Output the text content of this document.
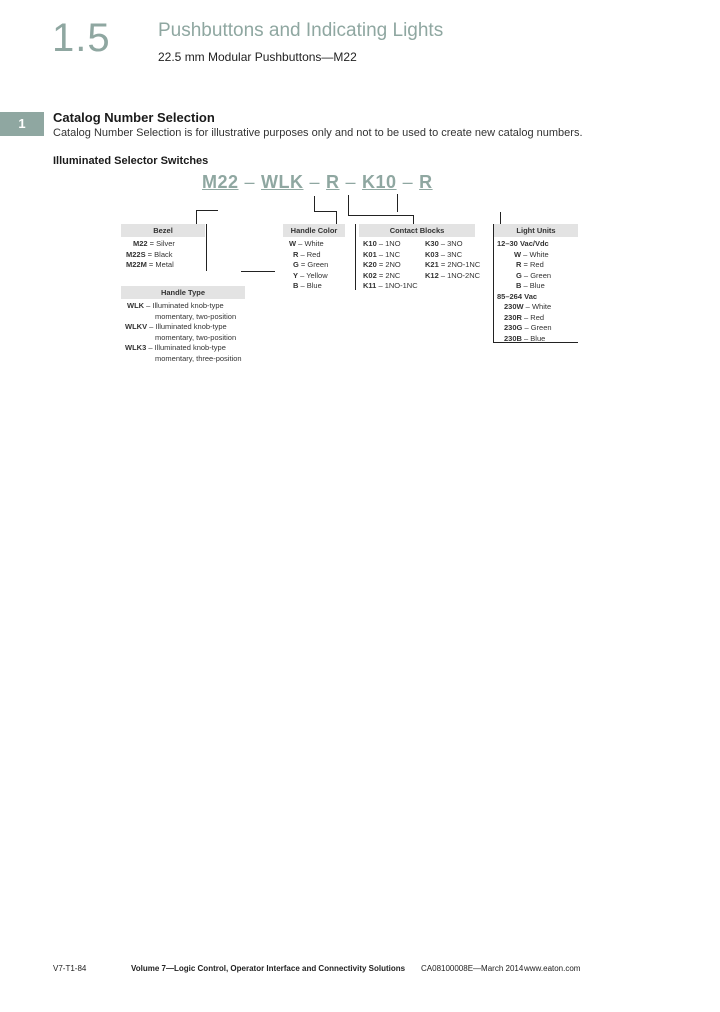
1.5 Pushbuttons and Indicating Lights
22.5 mm Modular Pushbuttons—M22
1	Catalog Number Selection
Catalog Number Selection is for illustrative purposes only and not to be used to create new catalog numbers.
Illuminated Selector Switches
M22 – WLK – R – K10 – R
Bezel
M22 = Silver
M22S = Black
M22M = Metal
Handle Type
WLK – Illuminated knob-type
momentary, two-position
WLKV – Illuminated knob-type
momentary, two-position
WLK3 – Illuminated knob-type
momentary, three-position
Handle Color
W – White
R – Red
G = Green
Y – Yellow
B – Blue
Contact Blocks
K10 – 1NO
K01 – 1NC
K20 = 2NO
K02 = 2NC
K11 – 1NO-1NC
K30 – 3NO
K03 – 3NC
K21 = 2NO-1NC
K12 – 1NO-2NC
Light Units
12–30 Vac/Vdc
W – White
R = Red
G – Green
B – Blue
85–264 Vac
230W – White
230R – Red
230G – Green
230B – Blue
V7-T1-84	Volume 7—Logic Control, Operator Interface and Connectivity Solutions CA08100008E—March 2014 www.eaton.com
